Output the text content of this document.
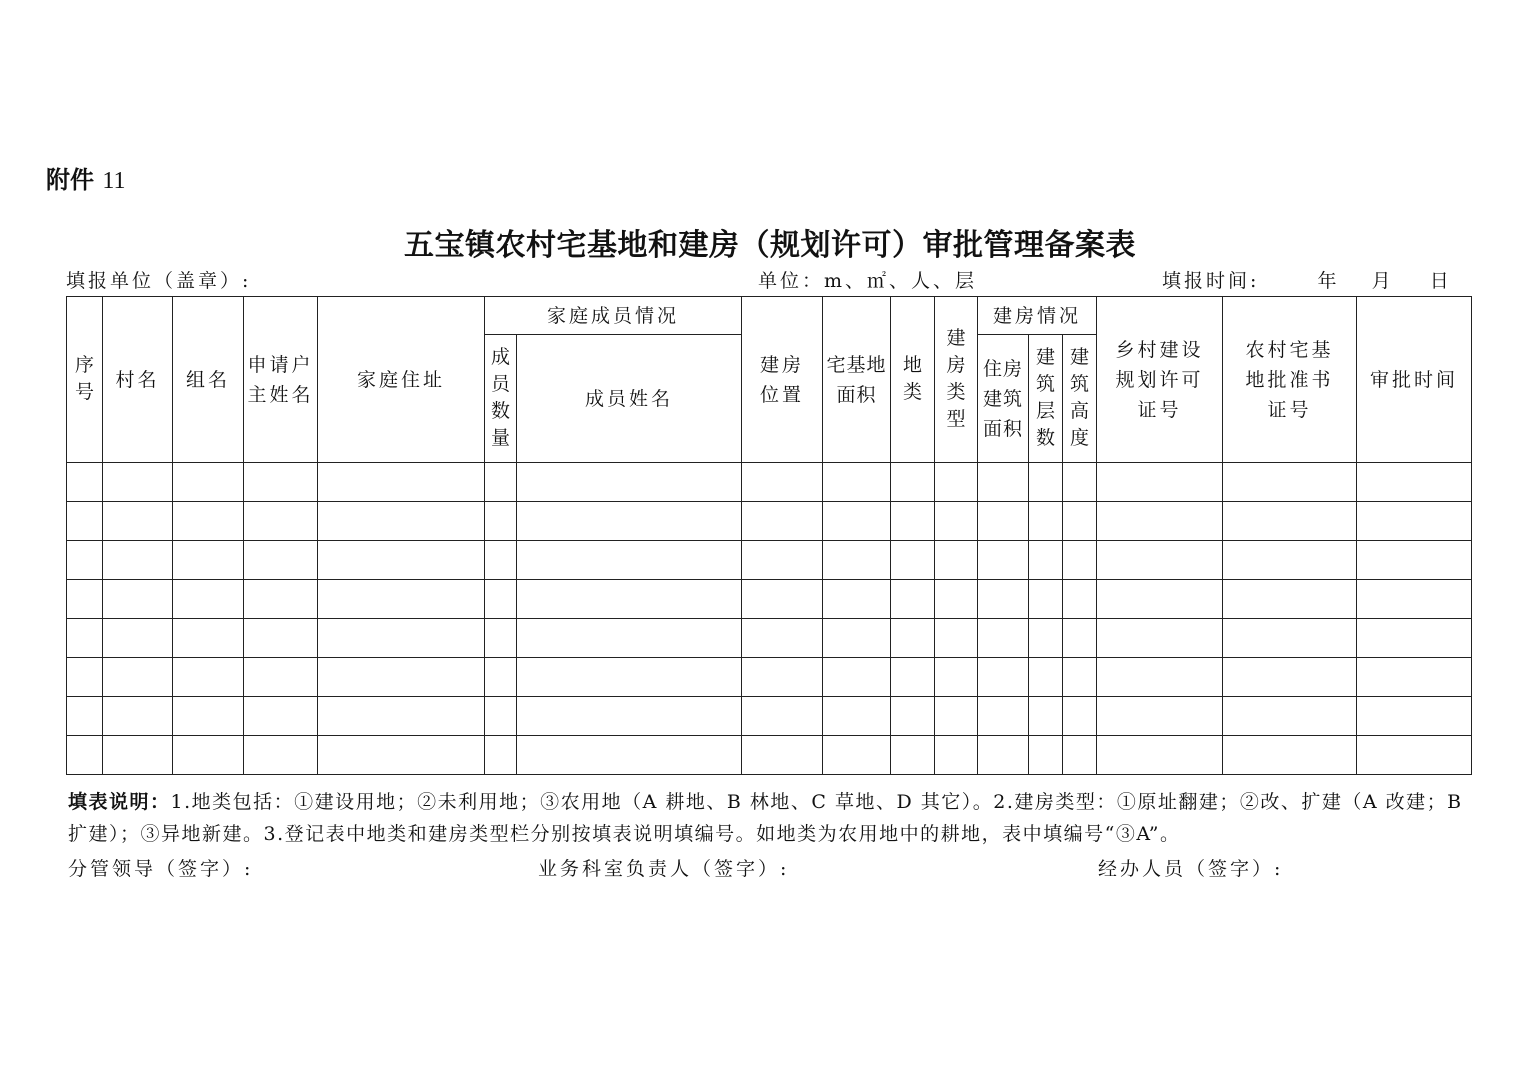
附件 11
五宝镇农村宅基地和建房（规划许可）审批管理备案表
填报单位（盖章）:	单位：m、㎡、人、层	填报时间:	年 月 日
序号	村名	组名	申请户主姓名	家庭住址	家庭成员情况		建房位置	宅基地面积	地类	建房类型	建房情况			乡村建设规划许可证号	农村宅基地批准书证号	审批时间
					成员数量	成员姓名					住房建筑面积	建筑层数	建筑高度			

填表说明：1.地类包括：①建设用地；②未利用地；③农用地（A 耕地、B 林地、C 草地、D 其它）。2.建房类型：①原址翻建；②改、扩建（A 改建；B 扩建）；③异地新建。3.登记表中地类和建房类型栏分别按填表说明填编号。如地类为农用地中的耕地，表中填编号“③A”。
分管领导（签字）:	业务科室负责人（签字）:	经办人员（签字）:
